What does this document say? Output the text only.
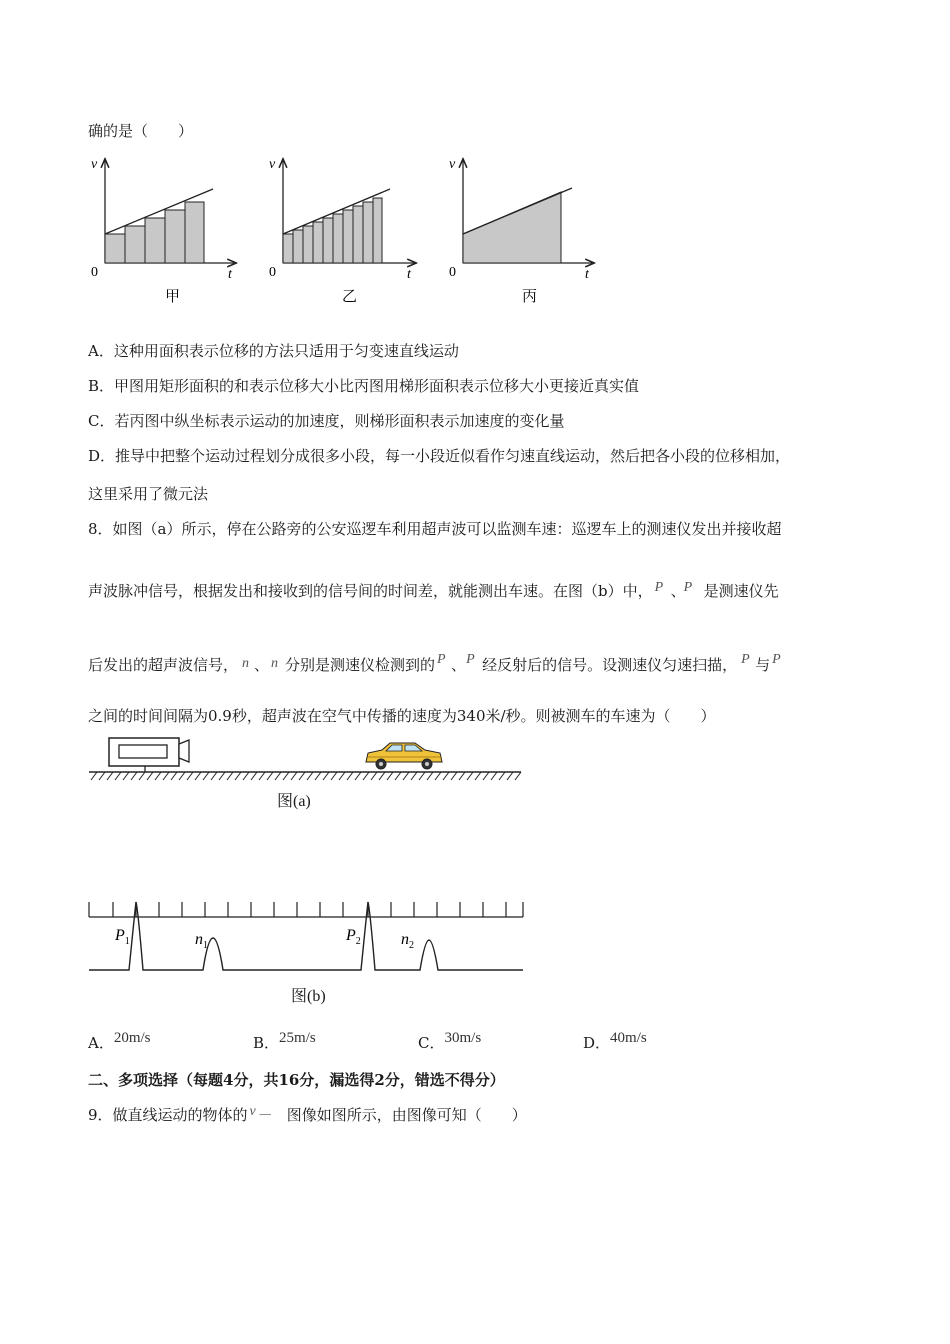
确的是（　　）
v
t
0
甲
v
t
0
乙
v
t
0
丙
A．这种用面积表示位移的方法只适用于匀变速直线运动
B．甲图用矩形面积的和表示位移大小比丙图用梯形面积表示位移大小更接近真实值
C．若丙图中纵坐标表示运动的加速度，则梯形面积表示加速度的变化量
D．推导中把整个运动过程划分成很多小段，每一小段近似看作匀速直线运动，然后把各小段的位移相加，
这里采用了微元法
8．如图（a）所示，停在公路旁的公安巡逻车利用超声波可以监测车速：巡逻车上的测速仪发出并接收超
声波脉冲信号，根据发出和接收到的信号间的时间差，就能测出车速。在图（b）中， P 、
P 是测速仪先
后发出的超声波信号， n 、 n 分别是测速仪检测到的 P 、 P 经反射后的信号。设测速仪匀速扫描， P 与 P
之间的时间间隔为0.9秒，超声波在空气中传播的速度为340米/秒。则被测车的车速为（　　）
图(a)
$P_1$	$n_1$
$P_2$	$n_2$
图(b)
A．20m/s	B．25m/s	C．30m/s	D．40m/s
二、多项选择（每题4分，共16分，漏选得2分，错选不得分）
9．做直线运动的物体的 v － 图像如图所示，由图像可知（　　）
